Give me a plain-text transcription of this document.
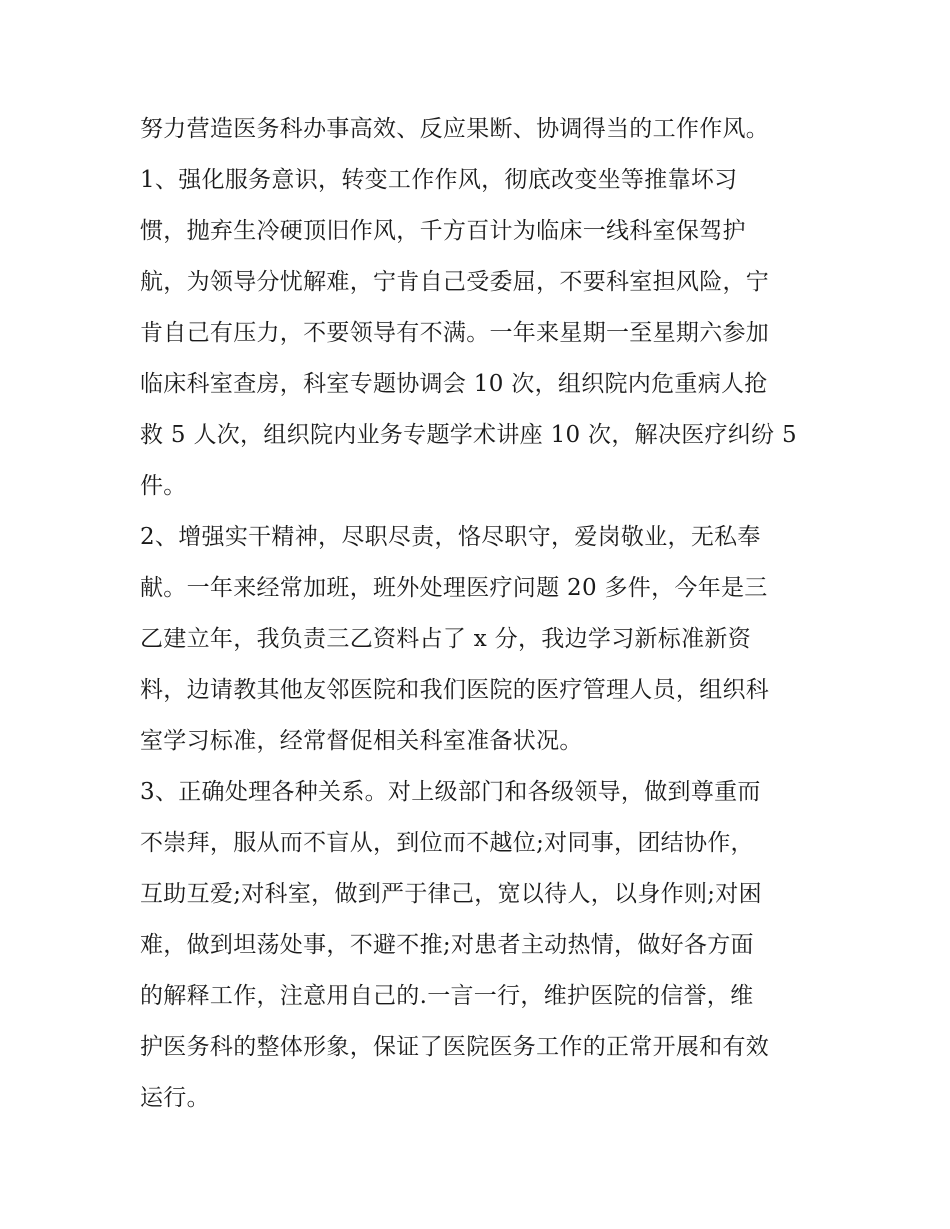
努力营造医务科办事高效、反应果断、协调得当的工作作风。
1、强化服务意识，转变工作作风，彻底改变坐等推靠坏习
惯，抛弃生冷硬顶旧作风，千方百计为临床一线科室保驾护
航，为领导分忧解难，宁肯自己受委屈，不要科室担风险，宁
肯自己有压力，不要领导有不满。一年来星期一至星期六参加
临床科室查房，科室专题协调会 10 次，组织院内危重病人抢
救 5 人次，组织院内业务专题学术讲座 10 次，解决医疗纠纷 5
件。
2、增强实干精神，尽职尽责，恪尽职守，爱岗敬业，无私奉
献。一年来经常加班，班外处理医疗问题 20 多件，今年是三
乙建立年，我负责三乙资料占了 x 分，我边学习新标准新资
料，边请教其他友邻医院和我们医院的医疗管理人员，组织科
室学习标准，经常督促相关科室准备状况。
3、正确处理各种关系。对上级部门和各级领导，做到尊重而
不崇拜，服从而不盲从，到位而不越位;对同事，团结协作，
互助互爱;对科室，做到严于律己，宽以待人，以身作则;对困
难，做到坦荡处事，不避不推;对患者主动热情，做好各方面
的解释工作，注意用自己的.一言一行，维护医院的信誉，维
护医务科的整体形象，保证了医院医务工作的正常开展和有效
运行。
